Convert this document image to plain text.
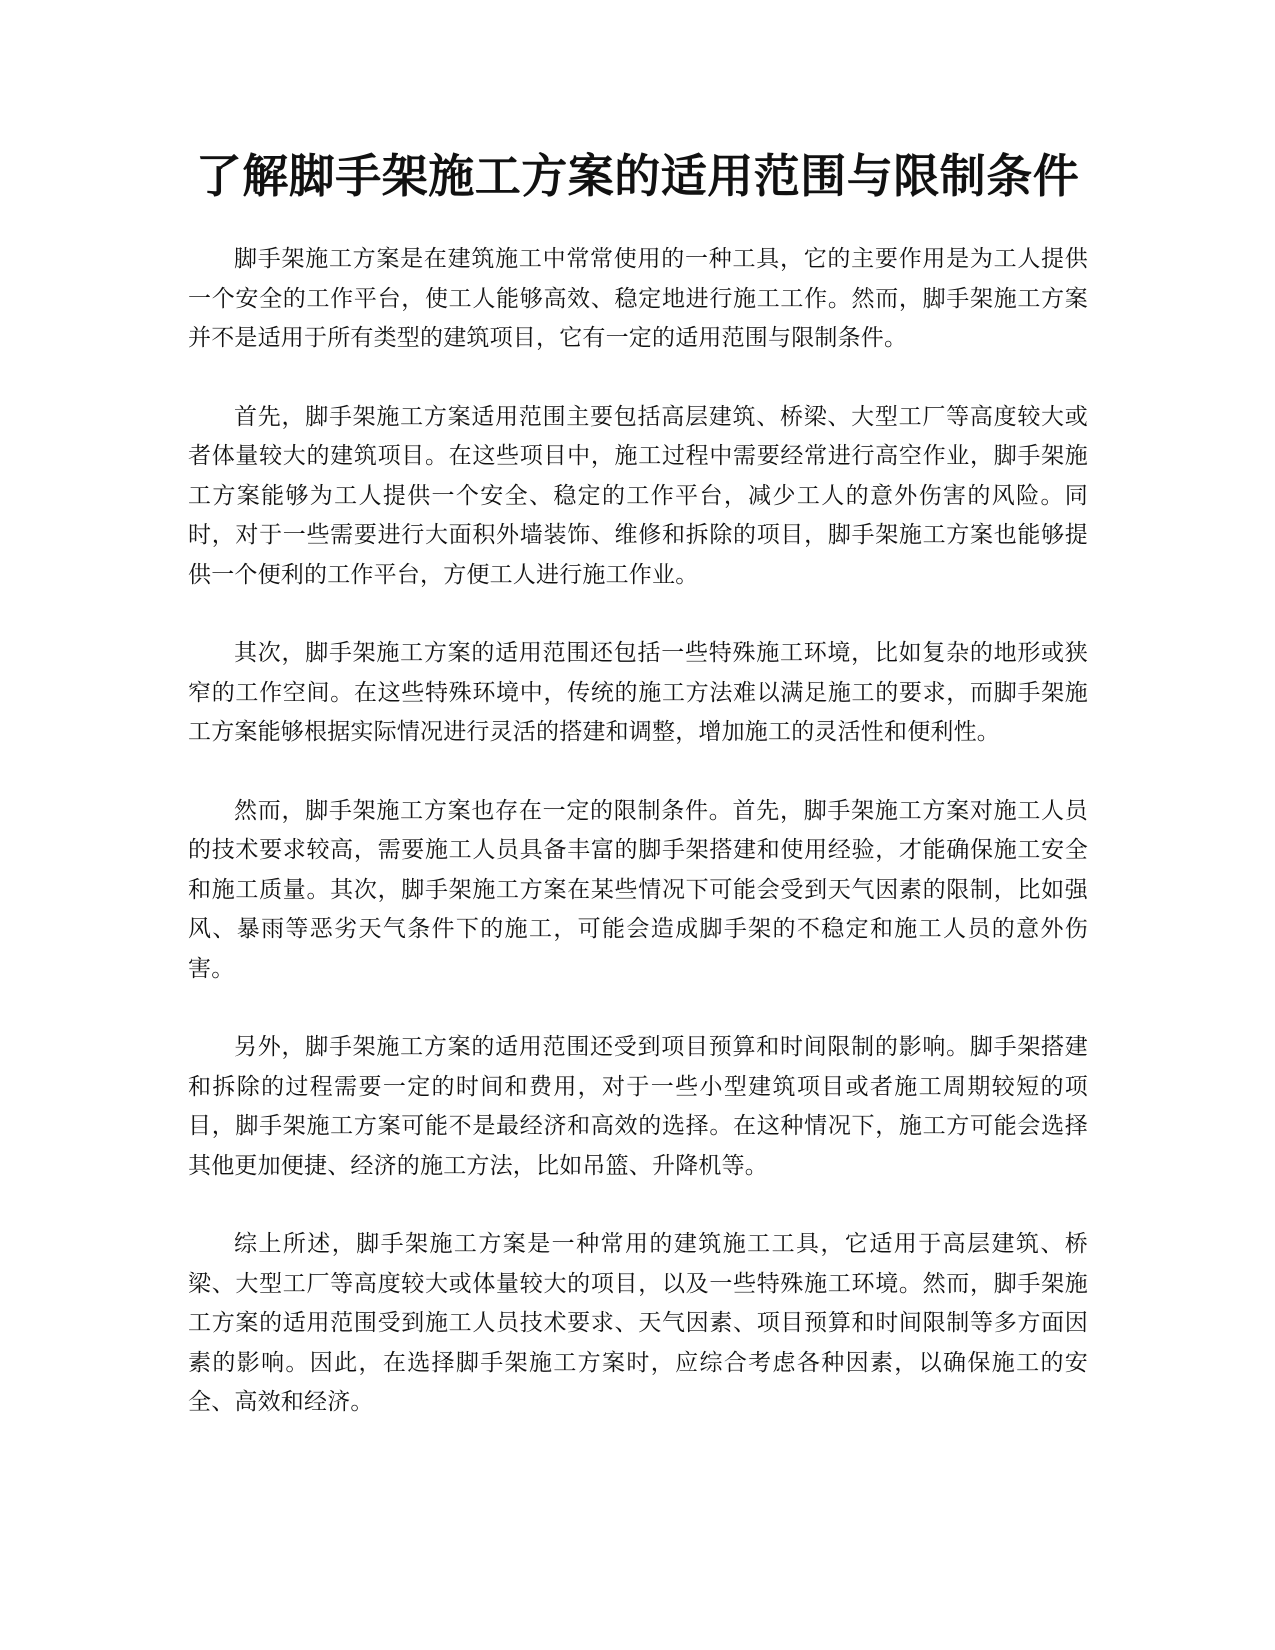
了解脚手架施工方案的适用范围与限制条件

脚手架施工方案是在建筑施工中常常使用的一种工具，它的主要作用是为工人提供一个安全的工作平台，使工人能够高效、稳定地进行施工工作。然而，脚手架施工方案并不是适用于所有类型的建筑项目，它有一定的适用范围与限制条件。

首先，脚手架施工方案适用范围主要包括高层建筑、桥梁、大型工厂等高度较大或者体量较大的建筑项目。在这些项目中，施工过程中需要经常进行高空作业，脚手架施工方案能够为工人提供一个安全、稳定的工作平台，减少工人的意外伤害的风险。同时，对于一些需要进行大面积外墙装饰、维修和拆除的项目，脚手架施工方案也能够提供一个便利的工作平台，方便工人进行施工作业。

其次，脚手架施工方案的适用范围还包括一些特殊施工环境，比如复杂的地形或狭窄的工作空间。在这些特殊环境中，传统的施工方法难以满足施工的要求，而脚手架施工方案能够根据实际情况进行灵活的搭建和调整，增加施工的灵活性和便利性。

然而，脚手架施工方案也存在一定的限制条件。首先，脚手架施工方案对施工人员的技术要求较高，需要施工人员具备丰富的脚手架搭建和使用经验，才能确保施工安全和施工质量。其次，脚手架施工方案在某些情况下可能会受到天气因素的限制，比如强风、暴雨等恶劣天气条件下的施工，可能会造成脚手架的不稳定和施工人员的意外伤害。

另外，脚手架施工方案的适用范围还受到项目预算和时间限制的影响。脚手架搭建和拆除的过程需要一定的时间和费用，对于一些小型建筑项目或者施工周期较短的项目，脚手架施工方案可能不是最经济和高效的选择。在这种情况下，施工方可能会选择其他更加便捷、经济的施工方法，比如吊篮、升降机等。

综上所述，脚手架施工方案是一种常用的建筑施工工具，它适用于高层建筑、桥梁、大型工厂等高度较大或体量较大的项目，以及一些特殊施工环境。然而，脚手架施工方案的适用范围受到施工人员技术要求、天气因素、项目预算和时间限制等多方面因素的影响。因此，在选择脚手架施工方案时，应综合考虑各种因素，以确保施工的安全、高效和经济。
